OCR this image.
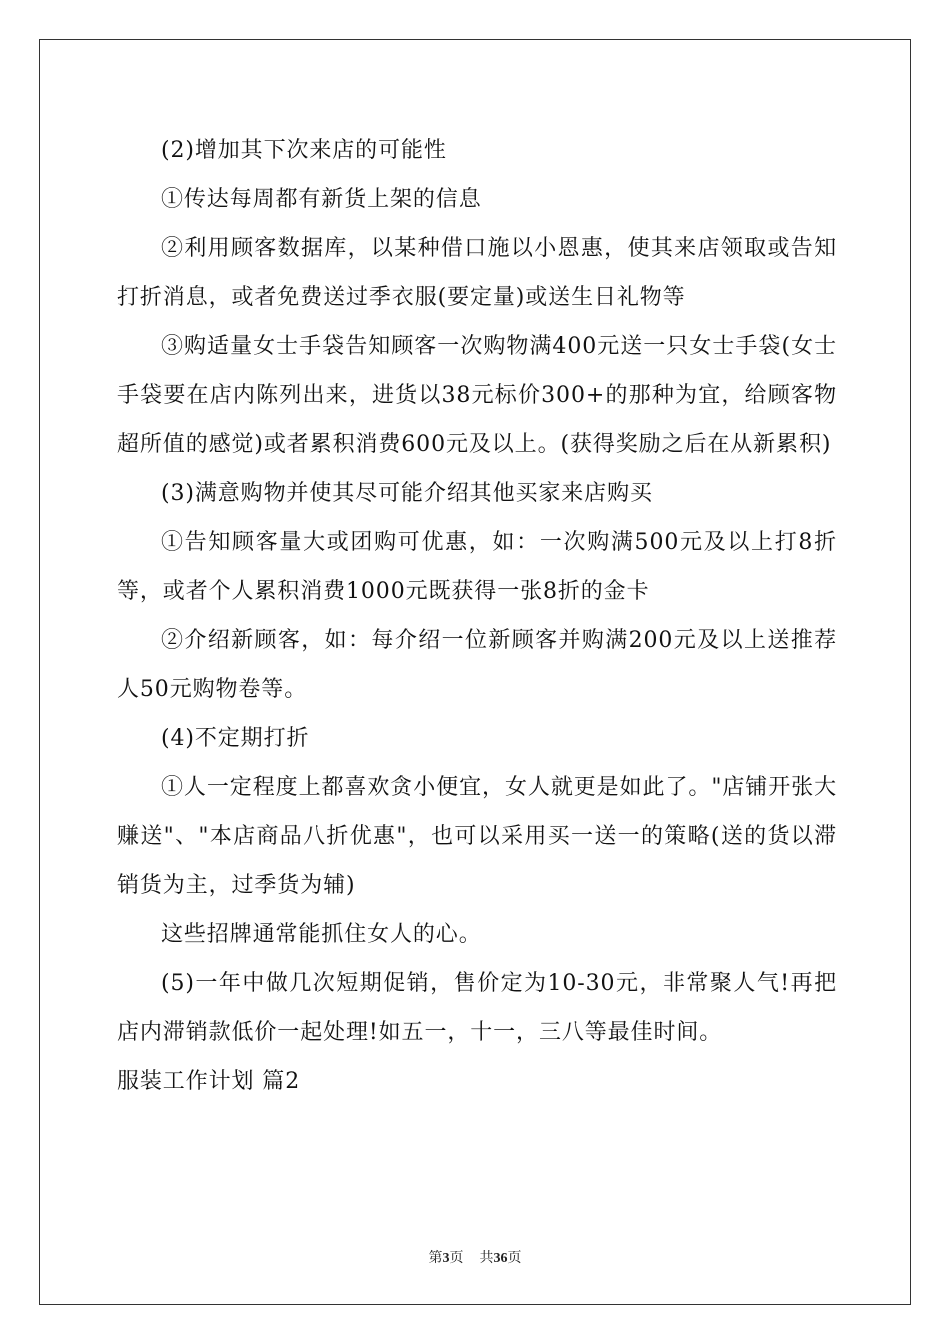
(2)增加其下次来店的可能性

①传达每周都有新货上架的信息

②利用顾客数据库，以某种借口施以小恩惠，使其来店领取或告知打折消息，或者免费送过季衣服(要定量)或送生日礼物等

③购适量女士手袋告知顾客一次购物满400元送一只女士手袋(女士手袋要在店内陈列出来，进货以38元标价300+的那种为宜，给顾客物超所值的感觉)或者累积消费600元及以上。(获得奖励之后在从新累积)

(3)满意购物并使其尽可能介绍其他买家来店购买

①告知顾客量大或团购可优惠，如：一次购满500元及以上打8折等，或者个人累积消费1000元既获得一张8折的金卡

②介绍新顾客，如：每介绍一位新顾客并购满200元及以上送推荐人50元购物卷等。

(4)不定期打折

①人一定程度上都喜欢贪小便宜，女人就更是如此了。"店铺开张大赚送"、"本店商品八折优惠"，也可以采用买一送一的策略(送的货以滞销货为主，过季货为辅)

这些招牌通常能抓住女人的心。

(5)一年中做几次短期促销，售价定为10-30元，非常聚人气!再把店内滞销款低价一起处理!如五一，十一，三八等最佳时间。

服装工作计划 篇2

第3页 共36页
